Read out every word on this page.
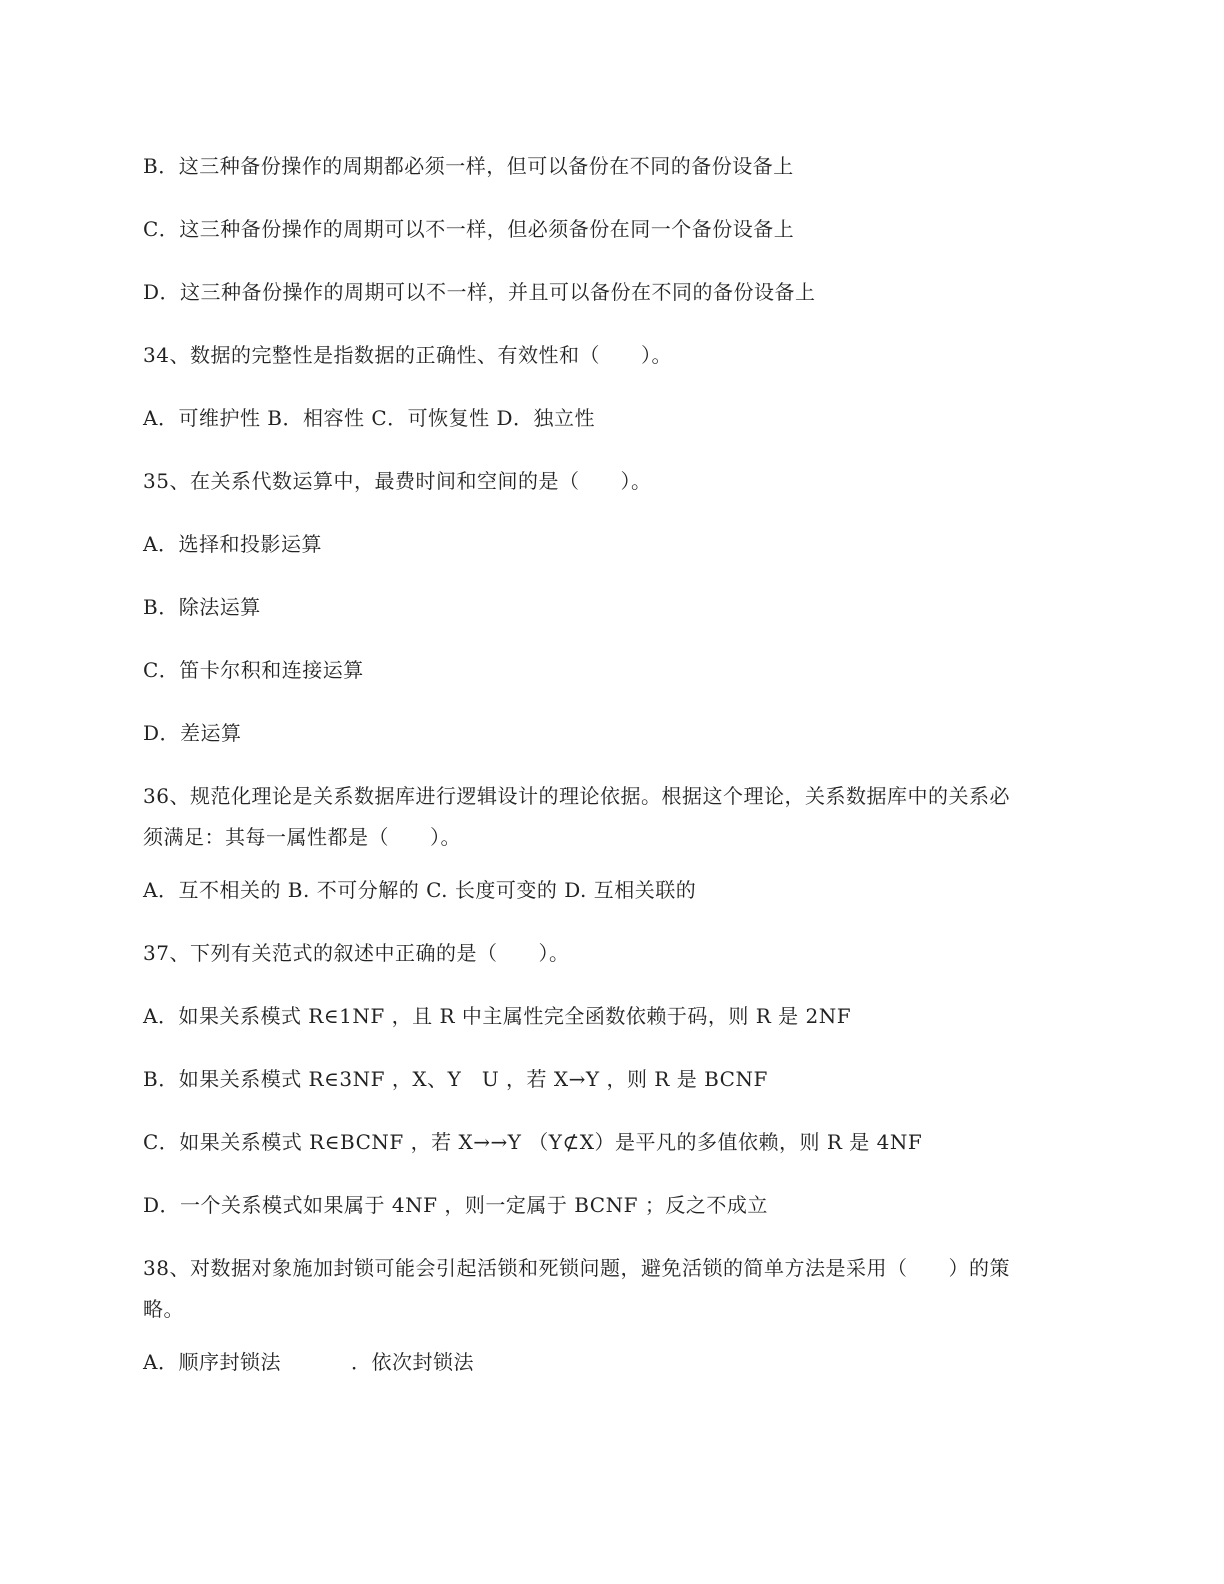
B．这三种备份操作的周期都必须一样，但可以备份在不同的备份设备上
C．这三种备份操作的周期可以不一样，但必须备份在同一个备份设备上
D．这三种备份操作的周期可以不一样，并且可以备份在不同的备份设备上
34、数据的完整性是指数据的正确性、有效性和（　　）。
A．可维护性 B．相容性 C．可恢复性 D．独立性
35、在关系代数运算中，最费时间和空间的是（　　）。
A．选择和投影运算
B．除法运算
C．笛卡尔积和连接运算
D．差运算
36、规范化理论是关系数据库进行逻辑设计的理论依据。根据这个理论，关系数据库中的关系必
须满足：其每一属性都是（　　）。
A．互不相关的 B. 不可分解的 C. 长度可变的 D. 互相关联的
37、下列有关范式的叙述中正确的是（　　）。
A．如果关系模式 R∈1NF ，且 R 中主属性完全函数依赖于码，则 R 是 2NF
B．如果关系模式 R∈3NF ，X、Y　U ，若 X→Y ，则 R 是 BCNF
C．如果关系模式 R∈BCNF ，若 X→→Y （Y⊄X）是平凡的多值依赖，则 R 是 4NF
D．一个关系模式如果属于 4NF ，则一定属于 BCNF ；反之不成立
38、对数据对象施加封锁可能会引起活锁和死锁问题，避免活锁的简单方法是采用（　　）的策
略。
A．顺序封锁法	．依次封锁法
